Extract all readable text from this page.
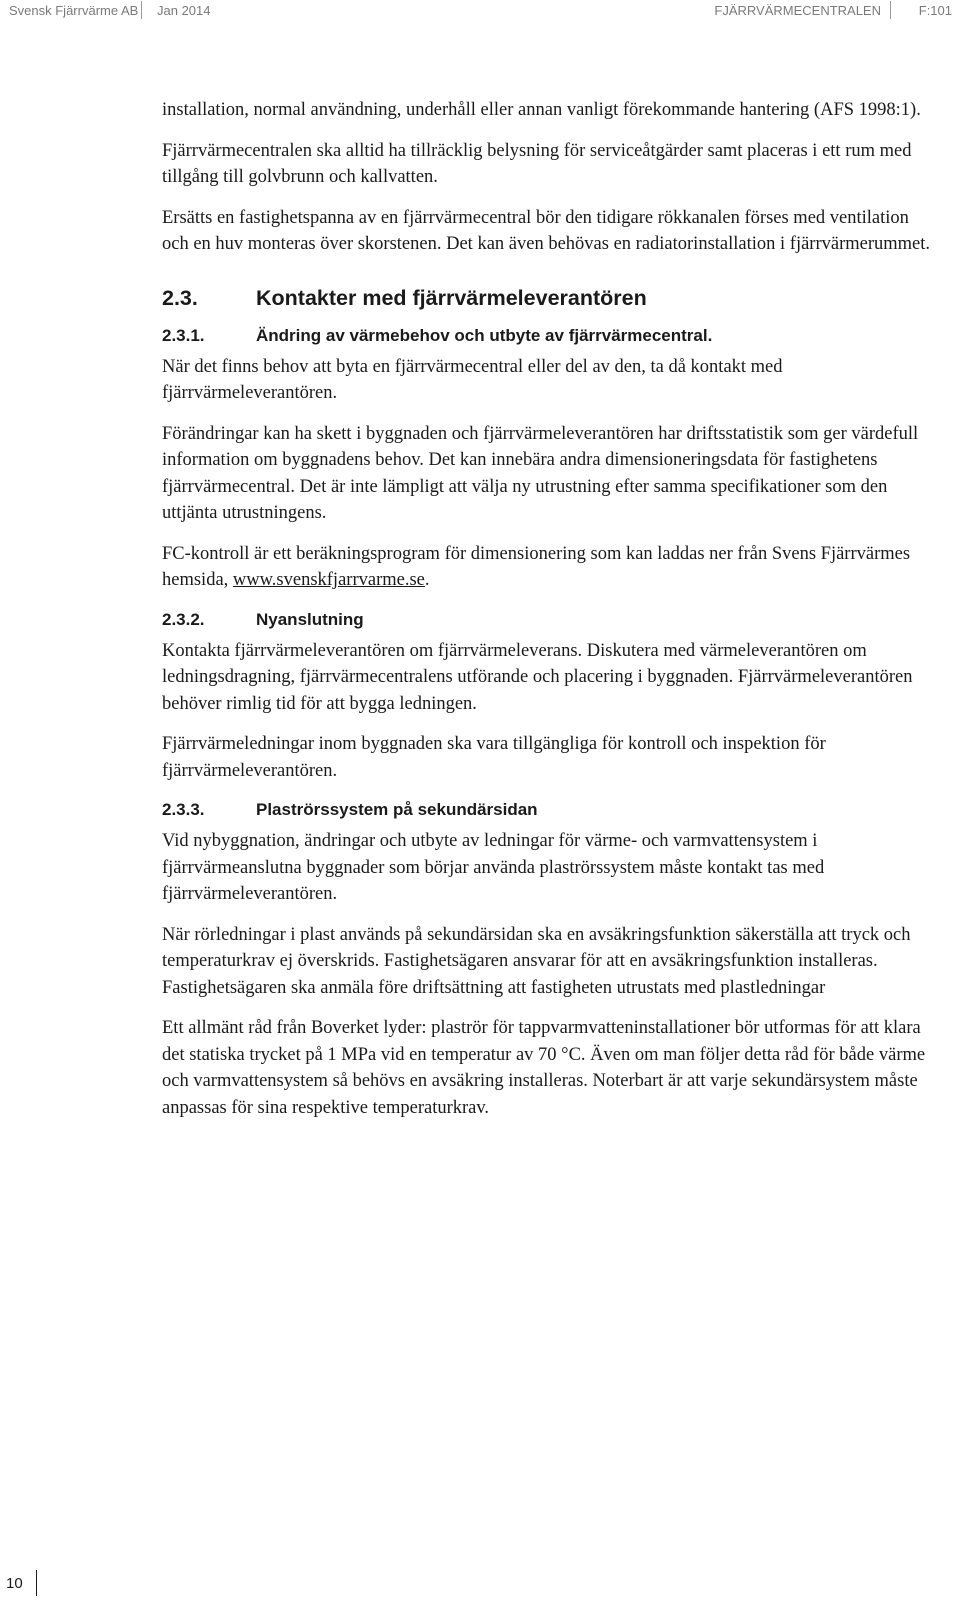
Svensk Fjärrvärme AB Jan 2014	FJÄRRVÄRMECENTRALEN	F:101

installation, normal användning, underhåll eller annan vanligt förekommande hantering (AFS 1998:1).

Fjärrvärmecentralen ska alltid ha tillräcklig belysning för serviceåtgärder samt placeras i ett rum med tillgång till golvbrunn och kallvatten.

Ersätts en fastighetspanna av en fjärrvärmecentral bör den tidigare rökkanalen förses med ventilation och en huv monteras över skorstenen. Det kan även behövas en radiatorinstallation i fjärrvärmerummet.

2.3.	Kontakter med fjärrvärmeleverantören
2.3.1.	Ändring av värmebehov och utbyte av fjärrvärmecentral.

När det finns behov att byta en fjärrvärmecentral eller del av den, ta då kontakt med fjärrvärmeleverantören.

Förändringar kan ha skett i byggnaden och fjärrvärmeleverantören har driftsstatistik som ger värdefull information om byggnadens behov. Det kan innebära andra dimensioneringsdata för fastighetens fjärrvärmecentral. Det är inte lämpligt att välja ny utrustning efter samma specifikationer som den uttjänta utrustningens.

FC-kontroll är ett beräkningsprogram för dimensionering som kan laddas ner från Svens Fjärrvärmes hemsida, www.svenskfjarrvarme.se.

2.3.2.	Nyanslutning

Kontakta fjärrvärmeleverantören om fjärrvärmeleverans. Diskutera med värmeleverantören om ledningsdragning, fjärrvärmecentralens utförande och placering i byggnaden. Fjärrvärmeleverantören behöver rimlig tid för att bygga ledningen.

Fjärrvärmeledningar inom byggnaden ska vara tillgängliga för kontroll och inspektion för fjärrvärmeleverantören.

2.3.3.	Plaströrssystem på sekundärsidan

Vid nybyggnation, ändringar och utbyte av ledningar för värme- och varmvattensystem i fjärrvärmeanslutna byggnader som börjar använda plaströrssystem måste kontakt tas med fjärrvärmeleverantören.

När rörledningar i plast används på sekundärsidan ska en avsäkringsfunktion säkerställa att tryck och temperaturkrav ej överskrids. Fastighetsägaren ansvarar för att en avsäkringsfunktion installeras. Fastighetsägaren ska anmäla före driftsättning att fastigheten utrustats med plastledningar

Ett allmänt råd från Boverket lyder: plaströr för tappvarmvatteninstallationer bör utformas för att klara det statiska trycket på 1 MPa vid en temperatur av 70 °C. Även om man följer detta råd för både värme och varmvattensystem så behövs en avsäkring installeras. Noterbart är att varje sekundärsystem måste anpassas för sina respektive temperaturkrav.

10
